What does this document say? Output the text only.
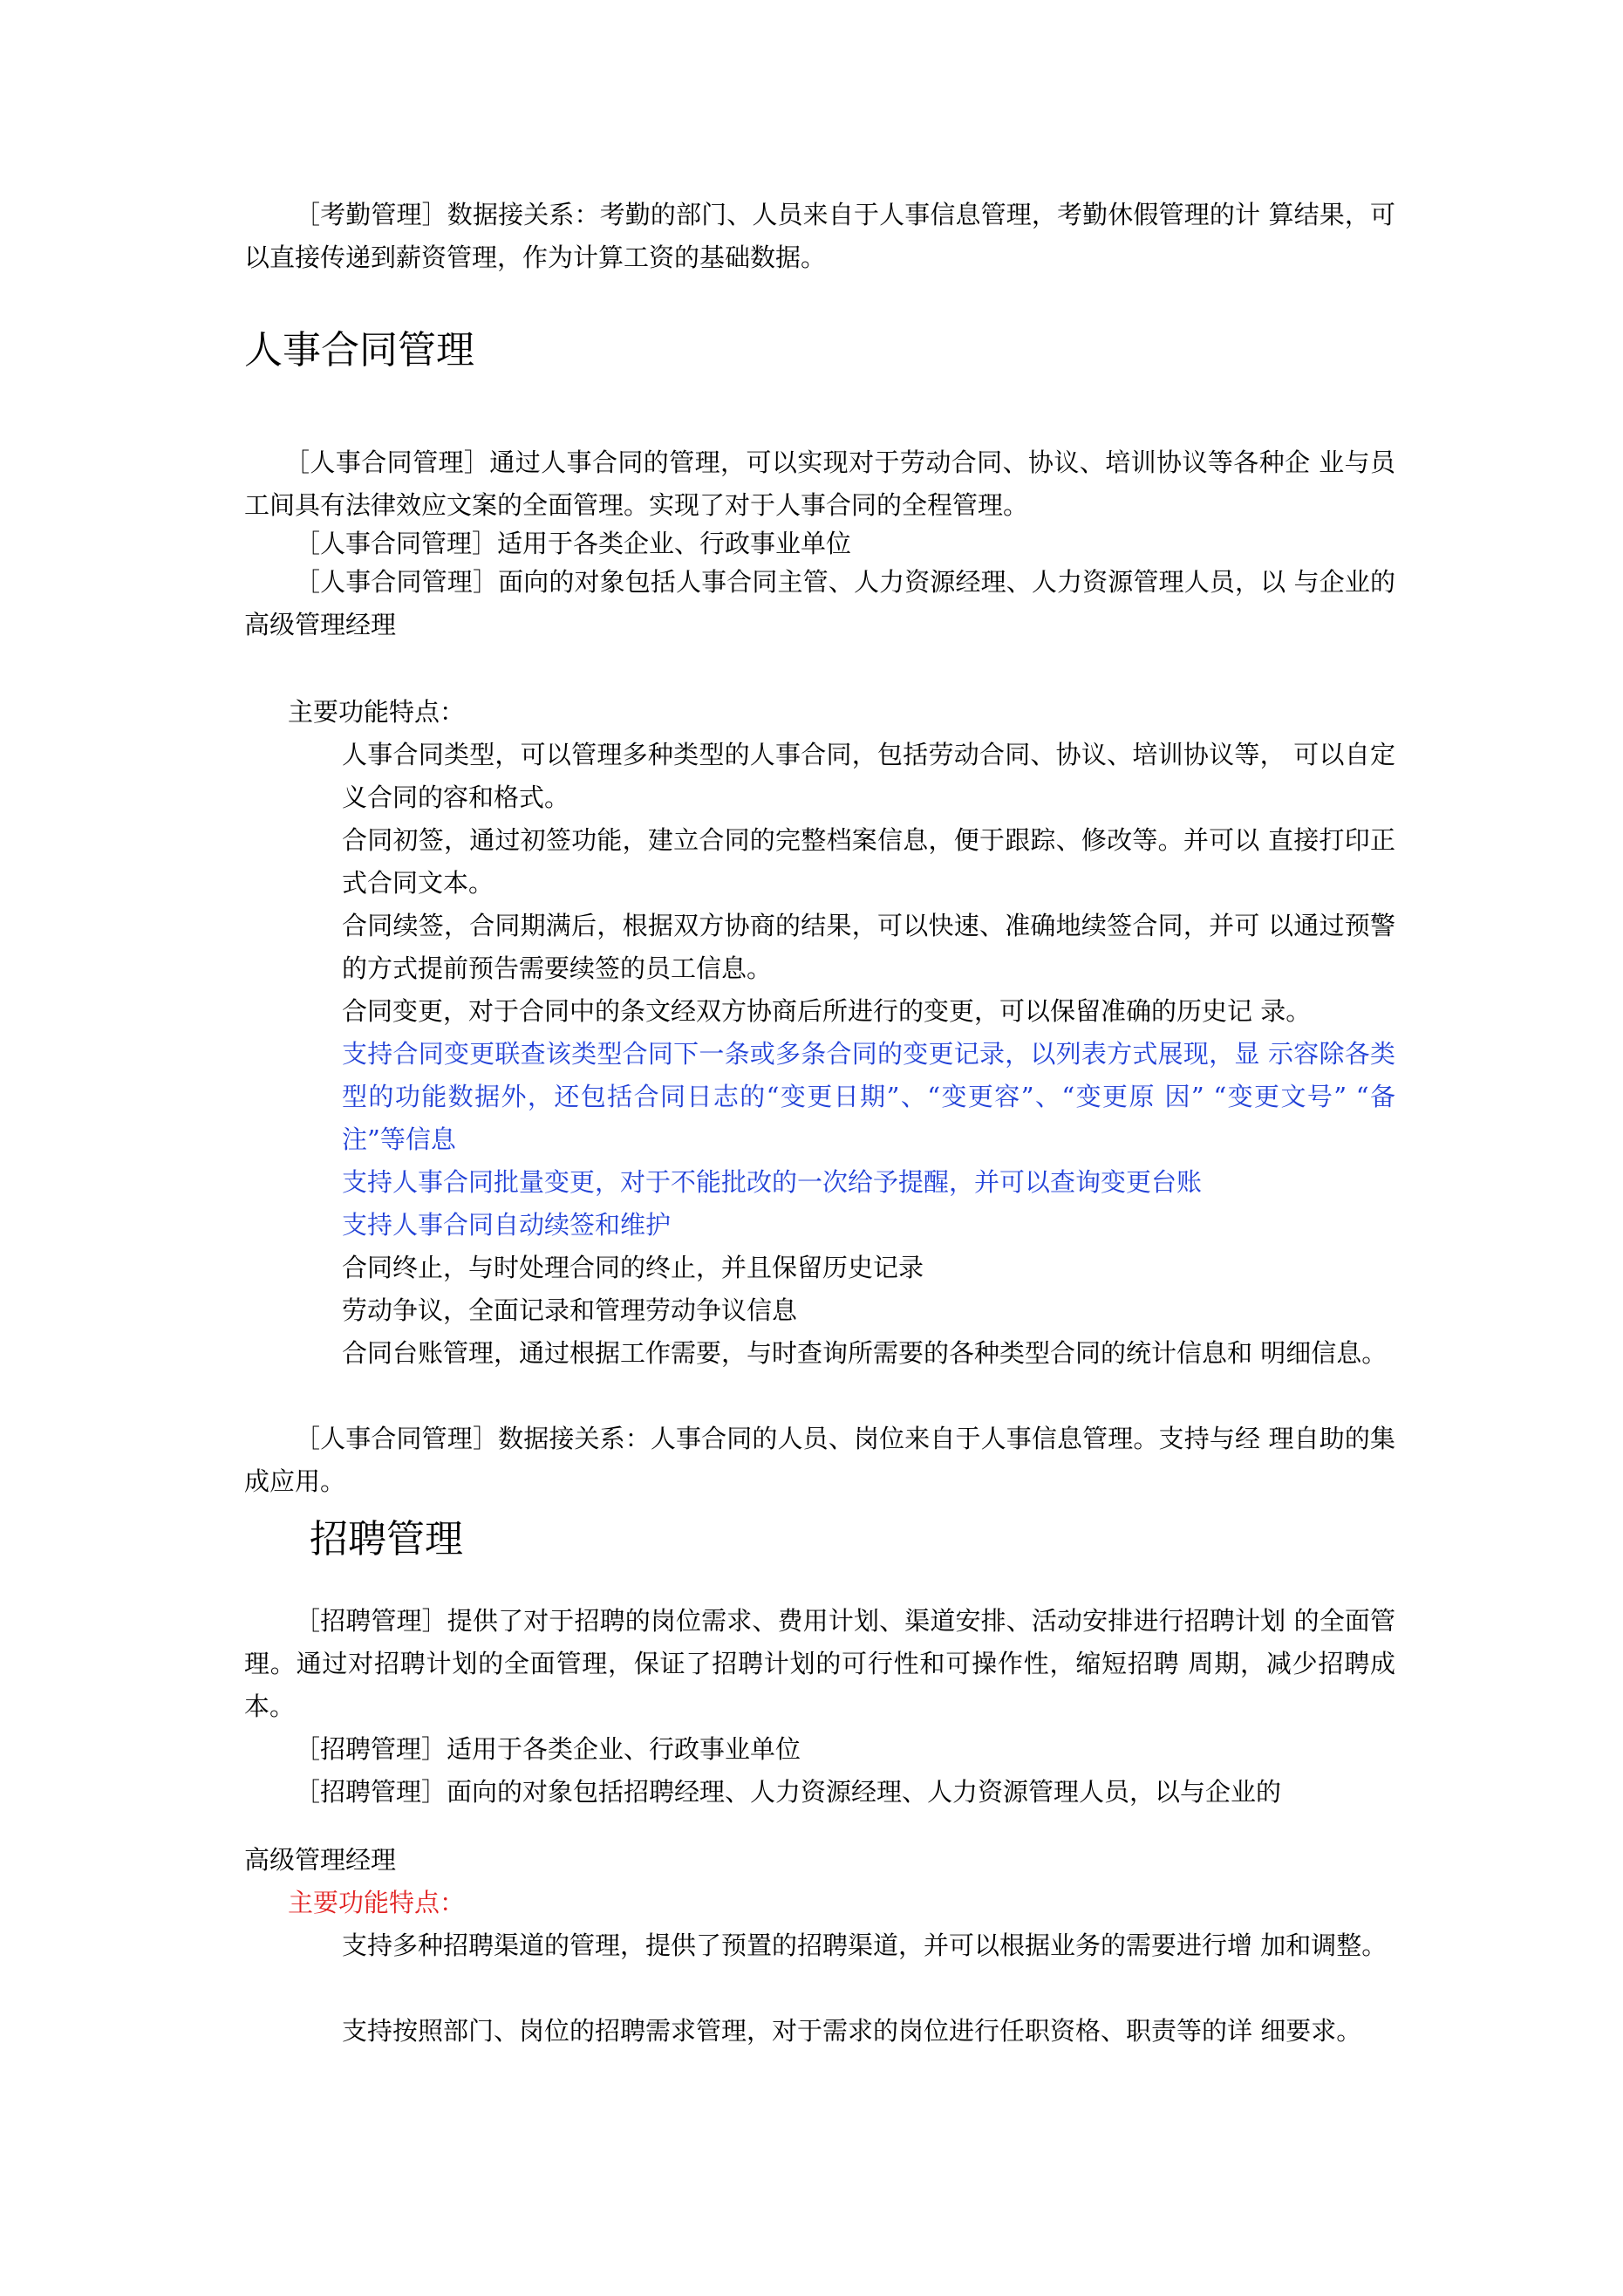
［考勤管理］数据接关系：考勤的部门、人员来自于人事信息管理，考勤休假管理的计 算结果，可以直接传递到薪资管理，作为计算工资的基础数据。

人事合同管理

［人事合同管理］通过人事合同的管理，可以实现对于劳动合同、协议、培训协议等各种企 业与员工间具有法律效应文案的全面管理。实现了对于人事合同的全程管理。

［人事合同管理］适用于各类企业、行政事业单位

［人事合同管理］面向的对象包括人事合同主管、人力资源经理、人力资源管理人员，以 与企业的高级管理经理

主要功能特点：

人事合同类型，可以管理多种类型的人事合同，包括劳动合同、协议、培训协议等， 可以自定义合同的容和格式。

合同初签，通过初签功能，建立合同的完整档案信息，便于跟踪、修改等。并可以 直接打印正式合同文本。

合同续签，合同期满后，根据双方协商的结果，可以快速、准确地续签合同，并可 以通过预警的方式提前预告需要续签的员工信息。

合同变更，对于合同中的条文经双方协商后所进行的变更，可以保留准确的历史记 录。

支持合同变更联查该类型合同下一条或多条合同的变更记录，以列表方式展现，显 示容除各类型的功能数据外，还包括合同日志的“变更日期”、“变更容”、“变更原 因” “变更文号” “备注”等信息

支持人事合同批量变更，对于不能批改的一次给予提醒，并可以查询变更台账

支持人事合同自动续签和维护

合同终止，与时处理合同的终止，并且保留历史记录

劳动争议，全面记录和管理劳动争议信息

合同台账管理，通过根据工作需要，与时查询所需要的各种类型合同的统计信息和 明细信息。

［人事合同管理］数据接关系：人事合同的人员、岗位来自于人事信息管理。支持与经 理自助的集成应用。

招聘管理

［招聘管理］提供了对于招聘的岗位需求、费用计划、渠道安排、活动安排进行招聘计划 的全面管理。通过对招聘计划的全面管理，保证了招聘计划的可行性和可操作性，缩短招聘 周期，减少招聘成本。

［招聘管理］适用于各类企业、行政事业单位

［招聘管理］面向的对象包括招聘经理、人力资源经理、人力资源管理人员，以与企业的

高级管理经理

主要功能特点：

支持多种招聘渠道的管理，提供了预置的招聘渠道，并可以根据业务的需要进行增 加和调整。

支持按照部门、岗位的招聘需求管理，对于需求的岗位进行任职资格、职责等的详 细要求。
